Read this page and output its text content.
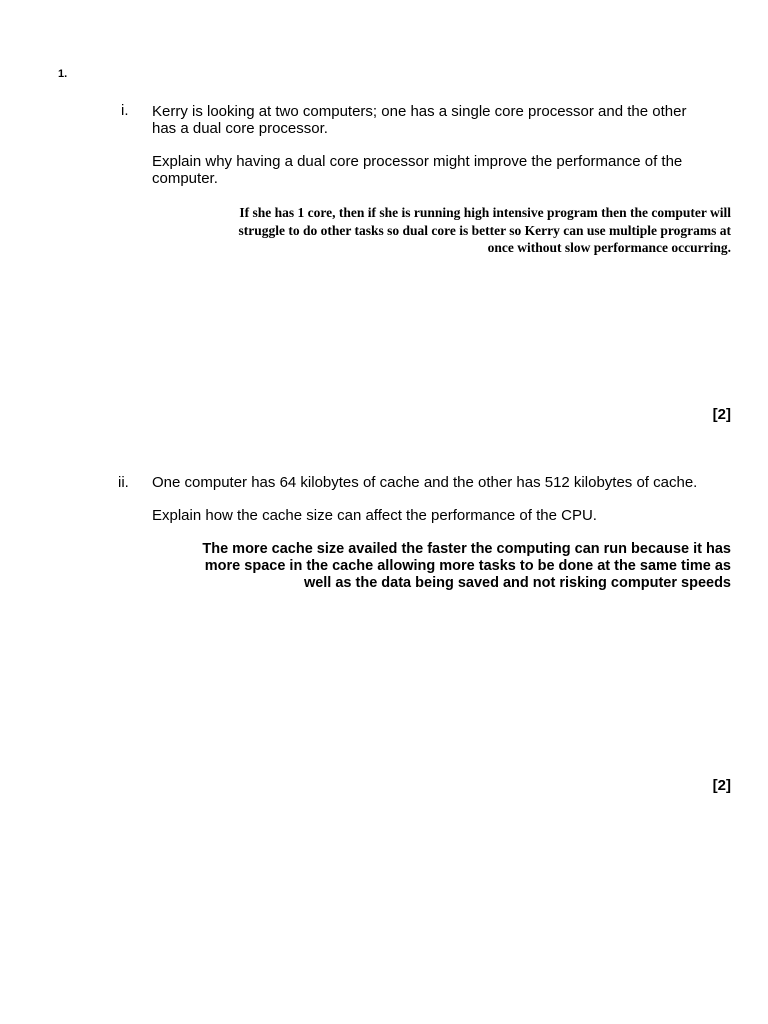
1.
i. Kerry is looking at two computers; one has a single core processor and the other has a dual core processor.
Explain why having a dual core processor might improve the performance of the computer.
If she has 1 core, then if she is running high intensive program then the computer will
struggle to do other tasks so dual core is better so Kerry can use multiple programs at
once without slow performance occurring.
[2]
ii. One computer has 64 kilobytes of cache and the other has 512 kilobytes of cache.
Explain how the cache size can affect the performance of the CPU.
The more cache size availed the faster the computing can run because it has
more space in the cache allowing more tasks to be done at the same time as
well as the data being saved and not risking computer speeds
[2]
